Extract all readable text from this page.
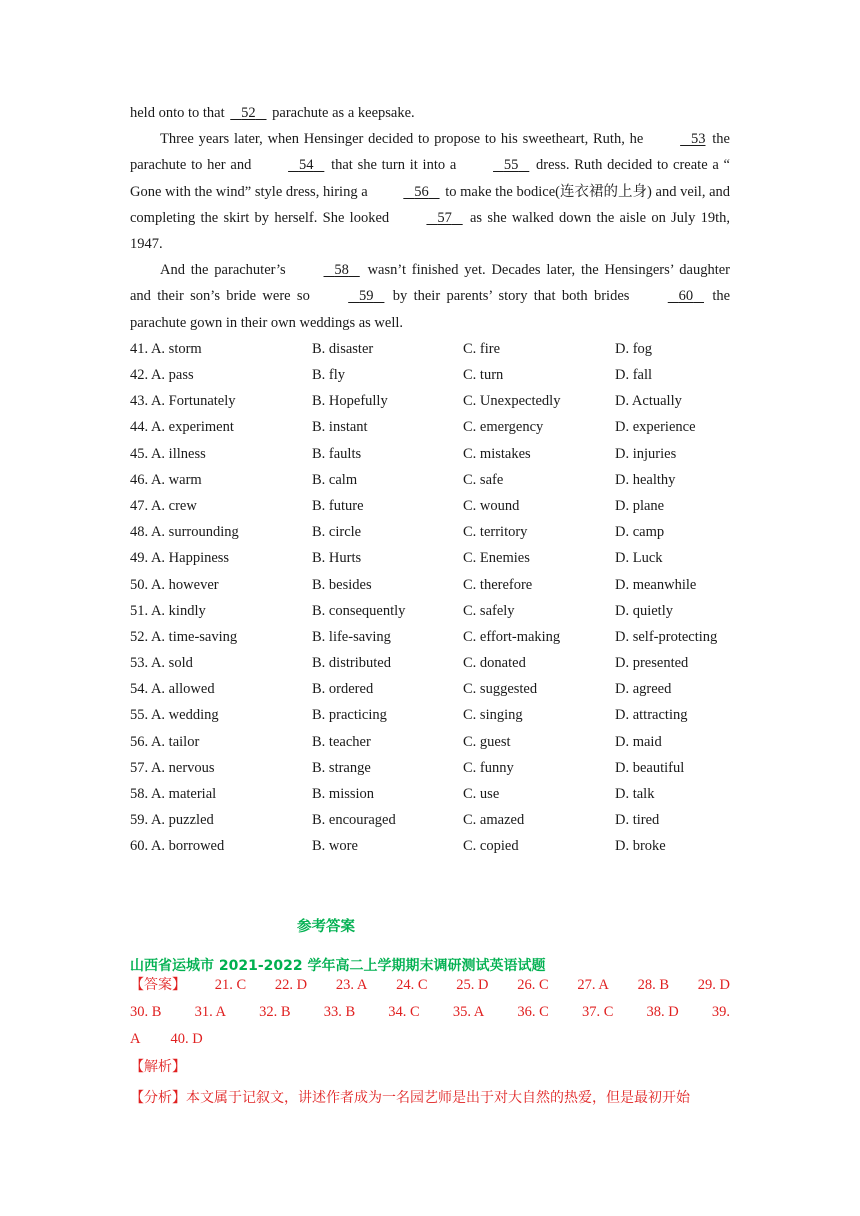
held onto to that 52 parachute as a keepsake.

Three years later, when Hensinger decided to propose to his sweetheart, Ruth, he	53 the parachute to her and	54 that she turn it into a	55 dress. Ruth decided to create a “ Gone with the wind” style dress, hiring a	56 to make the bodice(连衣裙的上身) and veil, and completing the skirt by herself. She looked	57 as she walked down the aisle on July 19th, 1947.

And the parachuter’s	58 wasn’t finished yet. Decades later, the Hensingers’ daughter and their son’s bride were so	59 by their parents’ story that both brides	60 the parachute gown in their own weddings as well.

41. A. storm	B. disaster	C. fire	D. fog
42. A. pass	B. fly	C. turn	D. fall
43. A. Fortunately	B. Hopefully	C. Unexpectedly	D. Actually
44. A. experiment	B. instant	C. emergency	D. experience
45. A. illness	B. faults	C. mistakes	D. injuries
46. A. warm	B. calm	C. safe	D. healthy
47. A. crew	B. future	C. wound	D. plane
48. A. surrounding	B. circle	C. territory	D. camp
49. A. Happiness	B. Hurts	C. Enemies	D. Luck
50. A. however	B. besides	C. therefore	D. meanwhile
51. A. kindly	B. consequently	C. safely	D. quietly
52. A. time-saving	B. life-saving	C. effort-making	D. self-protecting
53. A. sold	B. distributed	C. donated	D. presented
54. A. allowed	B. ordered	C. suggested	D. agreed
55. A. wedding	B. practicing	C. singing	D. attracting
56. A. tailor	B. teacher	C. guest	D. maid
57. A. nervous	B. strange	C. funny	D. beautiful
58. A. material	B. mission	C. use	D. talk
59. A. puzzled	B. encouraged	C. amazed	D. tired
60. A. borrowed	B. wore	C. copied	D. broke
参考答案
山西省运城市 2021-2022 学年高二上学期期末调研测试英语试题
【答案】 21. C 22. D 23. A 24. C 25. D 26. C 27. A 28. B 29. D
30. B 31. A 32. B 33. B 34. C 35. A 36. C 37. C 38. D 39.
A 40. D
【解析】
【分析】本文属于记叙文，讲述作者成为一名园艺师是出于对大自然的热爱，但是最初开始
